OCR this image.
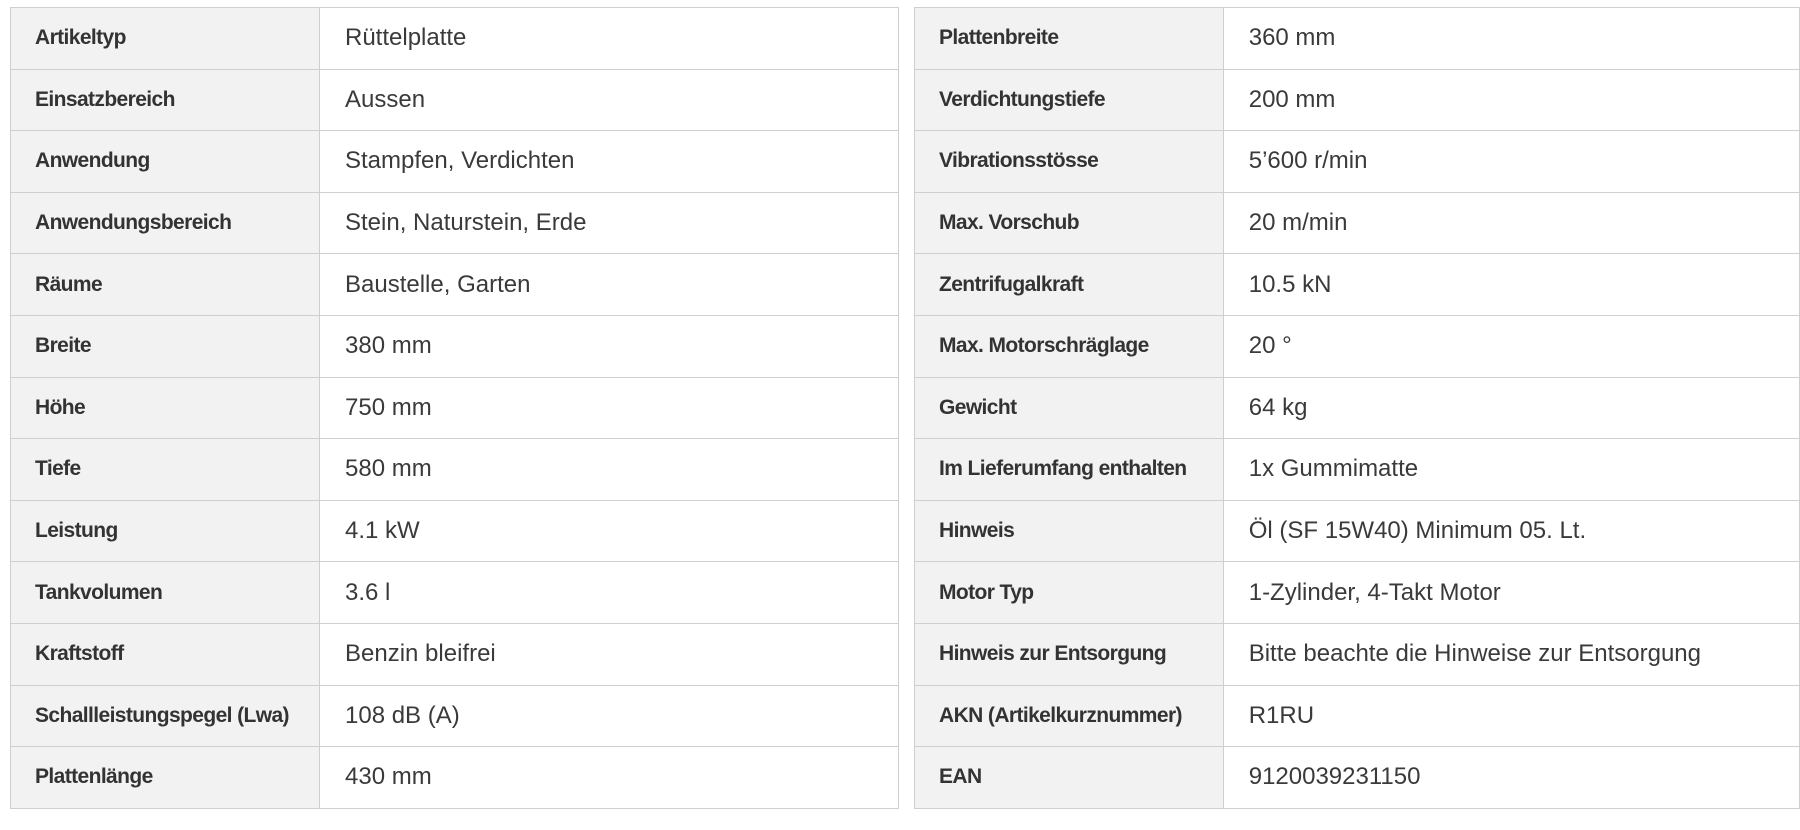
Artikeltyp	Rüttelplatte
Einsatzbereich	Aussen
Anwendung	Stampfen, Verdichten
Anwendungsbereich	Stein, Naturstein, Erde
Räume	Baustelle, Garten
Breite	380 mm
Höhe	750 mm
Tiefe	580 mm
Leistung	4.1 kW
Tankvolumen	3.6 l
Kraftstoff	Benzin bleifrei
Schallleistungspegel (Lwa)	108 dB (A)
Plattenlänge	430 mm
Plattenbreite	360 mm
Verdichtungstiefe	200 mm
Vibrationsstösse	5’600 r/min
Max. Vorschub	20 m/min
Zentrifugalkraft	10.5 kN
Max. Motorschräglage	20 °
Gewicht	64 kg
Im Lieferumfang enthalten	1x Gummimatte
Hinweis	Öl (SF 15W40) Minimum 05. Lt.
Motor Typ	1-Zylinder, 4-Takt Motor
Hinweis zur Entsorgung	Bitte beachte die Hinweise zur Entsorgung
AKN (Artikelkurznummer)	R1RU
EAN	9120039231150
